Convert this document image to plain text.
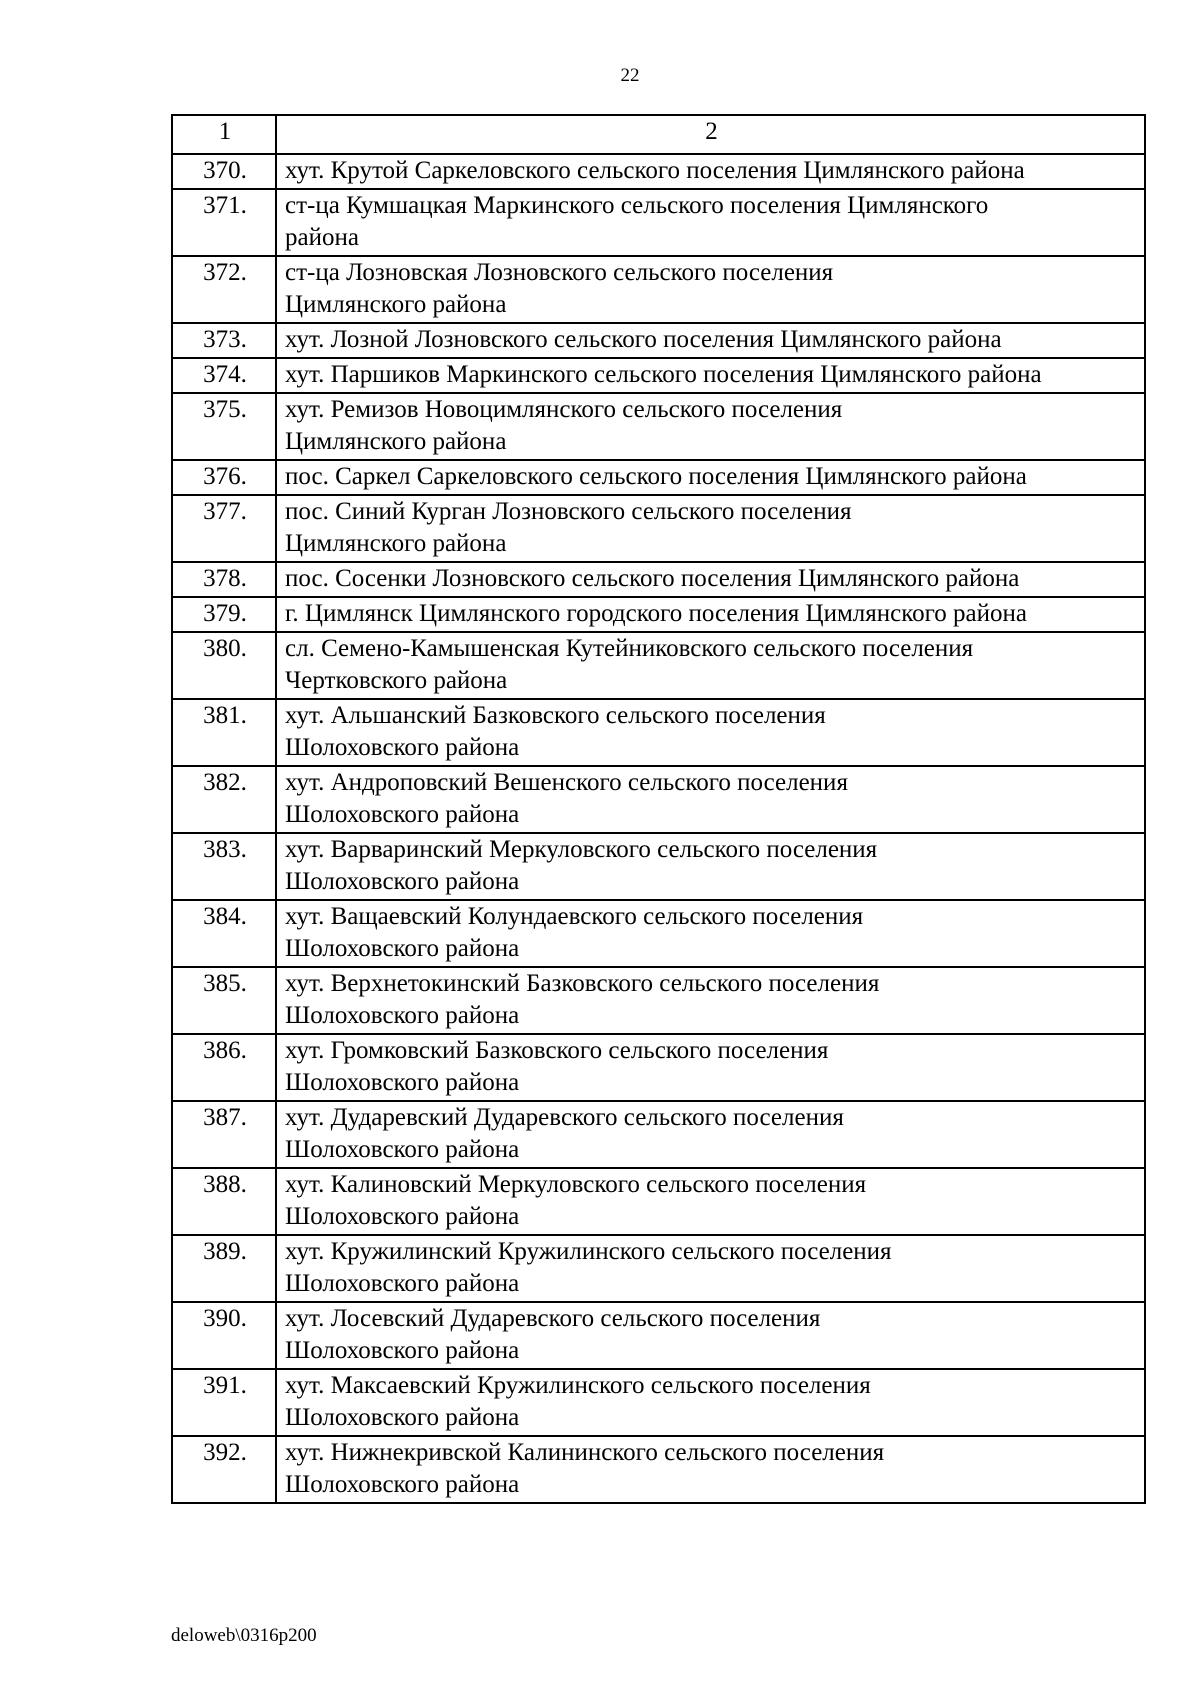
22
1	2
370.	хут. Крутой Саркеловского сельского поселения Цимлянского района

371.	ст-ца Кумшацкая Маркинского сельского поселения Цимлянского
района

372.	ст-ца Лозновская Лозновского сельского поселения
Цимлянского района

373.	хут. Лозной Лозновского сельского поселения Цимлянского района

374.	хут. Паршиков Маркинского сельского поселения Цимлянского района

375.	хут. Ремизов Новоцимлянского сельского поселения
Цимлянского района

376.	пос. Саркел Саркеловского сельского поселения Цимлянского района

377.	пос. Синий Курган Лозновского сельского поселения
Цимлянского района

378.	пос. Сосенки Лозновского сельского поселения Цимлянского района

379.	г. Цимлянск Цимлянского городского поселения Цимлянского района

380.	сл. Семено-Камышенская Кутейниковского сельского поселения
Чертковского района

381.	хут. Альшанский Базковского сельского поселения
Шолоховского района

382.	хут. Андроповский Вешенского сельского поселения
Шолоховского района

383.	хут. Варваринский Меркуловского сельского поселения
Шолоховского района

384.	хут. Ващаевский Колундаевского сельского поселения
Шолоховского района

385.	хут. Верхнетокинский Базковского сельского поселения
Шолоховского района

386.	хут. Громковский Базковского сельского поселения
Шолоховского района

387.	хут. Дударевский Дударевского сельского поселения
Шолоховского района

388.	хут. Калиновский Меркуловского сельского поселения
Шолоховского района

389.	хут. Кружилинский Кружилинского сельского поселения
Шолоховского района

390.	хут. Лосевский Дударевского сельского поселения
Шолоховского района

391.	хут. Максаевский Кружилинского сельского поселения
Шолоховского района

392.	хут. Нижнекривской Калининского сельского поселения
Шолоховского района
deloweb\0316p200
